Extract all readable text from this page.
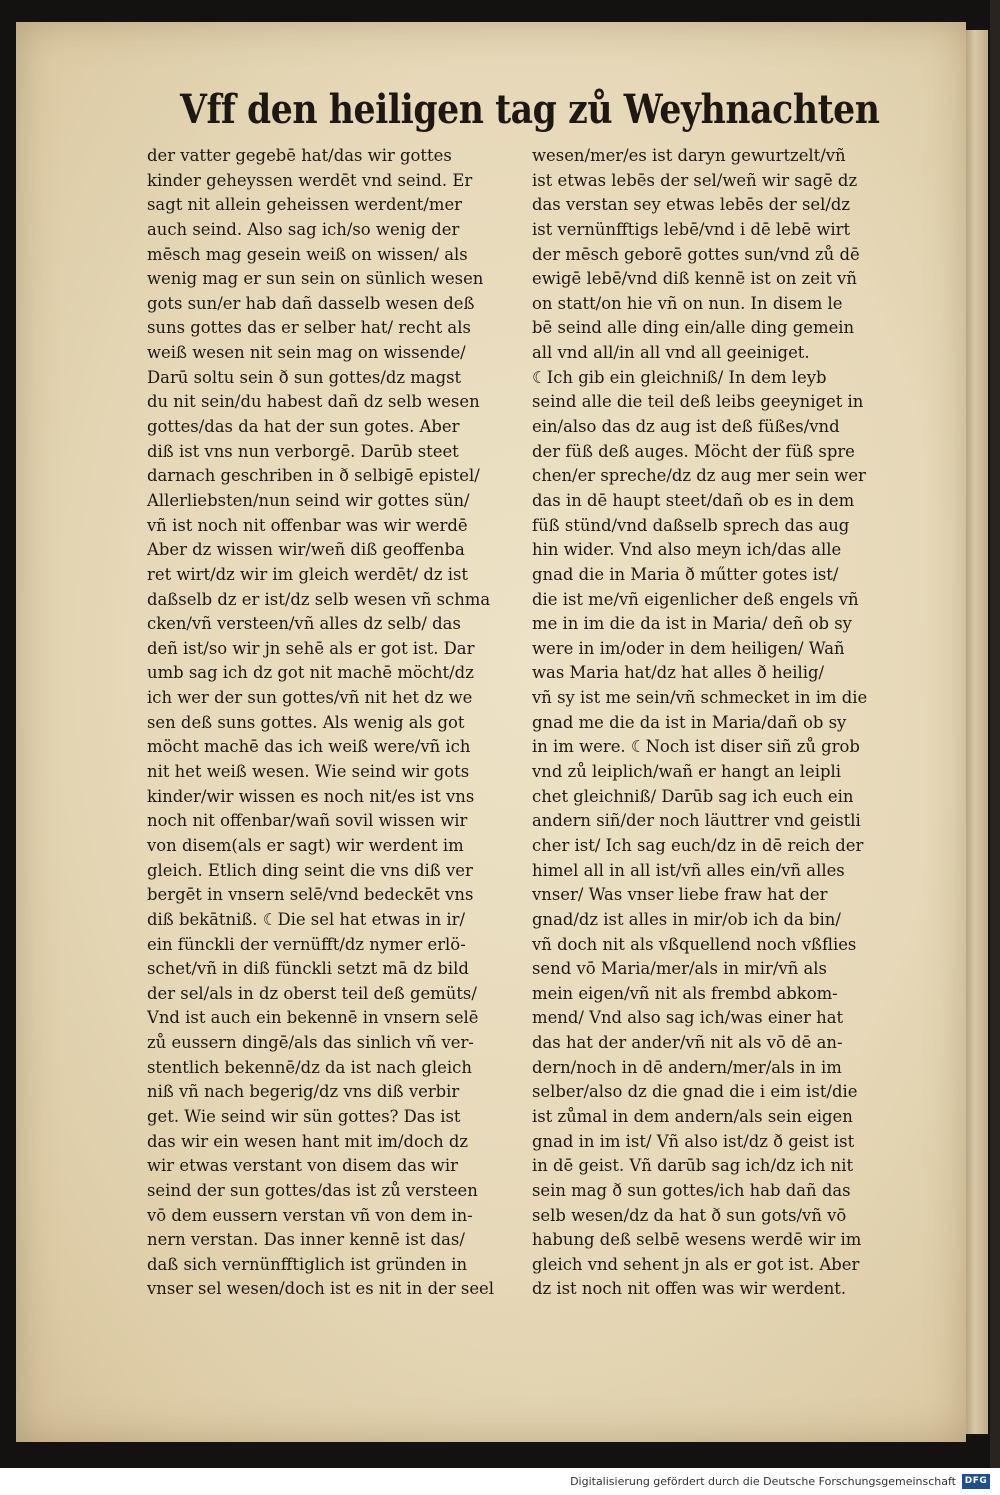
Vff den heiligen tag zů Weyhnachten
der vatter gegebē hat/das wir gottes
kinder geheyssen werdēt vnd seind. Er
sagt nit allein geheissen werdent/mer
auch seind. Also sag ich/so wenig der
mēsch mag gesein weiß on wissen/ als
wenig mag er sun sein on sünlich wesen
gots sun/er hab dañ dasselb wesen deß
suns gottes das er selber hat/ recht als
weiß wesen nit sein mag on wissende/
Darū soltu sein ð sun gottes/dz magst
du nit sein/du habest dañ dz selb wesen
gottes/das da hat der sun gotes. Aber
diß ist vns nun verborgē. Darūb steet
darnach geschriben in ð selbigē epistel/
Allerliebsten/nun seind wir gottes sün/
vñ ist noch nit offenbar was wir werdē
Aber dz wissen wir/weñ diß geoffenba
ret wirt/dz wir im gleich werdēt/ dz ist
daßselb dz er ist/dz selb wesen vñ schma
cken/vñ versteen/vñ alles dz selb/ das
deñ ist/so wir jn sehē als er got ist. Dar
umb sag ich dz got nit machē möcht/dz
ich wer der sun gottes/vñ nit het dz we
sen deß suns gottes. Als wenig als got
möcht machē das ich weiß were/vñ ich
nit het weiß wesen. Wie seind wir gots
kinder/wir wissen es noch nit/es ist vns
noch nit offenbar/wañ sovil wissen wir
von disem(als er sagt) wir werdent im
gleich. Etlich ding seint die vns diß ver
bergēt in vnsern selē/vnd bedeckēt vns
diß bekātniß. ☾Die sel hat etwas in ir/
ein fünckli der vernüfft/dz nymer erlö-
schet/vñ in diß fünckli setzt mā dz bild
der sel/als in dz oberst teil deß gemüts/
Vnd ist auch ein bekennē in vnsern selē
zů eussern dingē/als das sinlich vñ ver-
stentlich bekennē/dz da ist nach gleich
niß vñ nach begerig/dz vns diß verbir
get. Wie seind wir sün gottes? Das ist
das wir ein wesen hant mit im/doch dz
wir etwas verstant von disem das wir
seind der sun gottes/das ist zů versteen
vō dem eussern verstan vñ von dem in-
nern verstan. Das inner kennē ist das/
daß sich vernünfftiglich ist gründen in
vnser sel wesen/doch ist es nit in der seel
wesen/mer/es ist daryn gewurtzelt/vñ
ist etwas lebēs der sel/weñ wir sagē dz
das verstan sey etwas lebēs der sel/dz
ist vernünfftigs lebē/vnd i dē lebē wirt
der mēsch geborē gottes sun/vnd zů dē
ewigē lebē/vnd diß kennē ist on zeit vñ
on statt/on hie vñ on nun. In disem le
bē seind alle ding ein/alle ding gemein
all vnd all/in all vnd all geeiniget.
☾Ich gib ein gleichniß/ In dem leyb
seind alle die teil deß leibs geeyniget in
ein/also das dz aug ist deß füßes/vnd
der füß deß auges. Möcht der füß spre
chen/er spreche/dz dz aug mer sein wer
das in dē haupt steet/dañ ob es in dem
füß stünd/vnd daßselb sprech das aug
hin wider. Vnd also meyn ich/das alle
gnad die in Maria ð műtter gotes ist/
die ist me/vñ eigenlicher deß engels vñ
me in im die da ist in Maria/ deñ ob sy
were in im/oder in dem heiligen/ Wañ
was Maria hat/dz hat alles ð heilig/
vñ sy ist me sein/vñ schmecket in im die
gnad me die da ist in Maria/dañ ob sy
in im were. ☾Noch ist diser siñ zů grob
vnd zů leiplich/wañ er hangt an leipli
chet gleichniß/ Darūb sag ich euch ein
andern siñ/der noch läuttrer vnd geistli
cher ist/ Ich sag euch/dz in dē reich der
himel all in all ist/vñ alles ein/vñ alles
vnser/ Was vnser liebe fraw hat der
gnad/dz ist alles in mir/ob ich da bin/
vñ doch nit als vßquellend noch vßflies
send vō Maria/mer/als in mir/vñ als
mein eigen/vñ nit als frembd abkom-
mend/ Vnd also sag ich/was einer hat
das hat der ander/vñ nit als vō dē an-
dern/noch in dē andern/mer/als in im
selber/also dz die gnad die i eim ist/die
ist zůmal in dem andern/als sein eigen
gnad in im ist/ Vñ also ist/dz ð geist ist
in dē geist. Vñ darūb sag ich/dz ich nit
sein mag ð sun gottes/ich hab dañ das
selb wesen/dz da hat ð sun gots/vñ vō
habung deß selbē wesens werdē wir im
gleich vnd sehent jn als er got ist. Aber
dz ist noch nit offen was wir werdent.
Digitalisierung gefördert durch die Deutsche Forschungsgemeinschaft DFG
